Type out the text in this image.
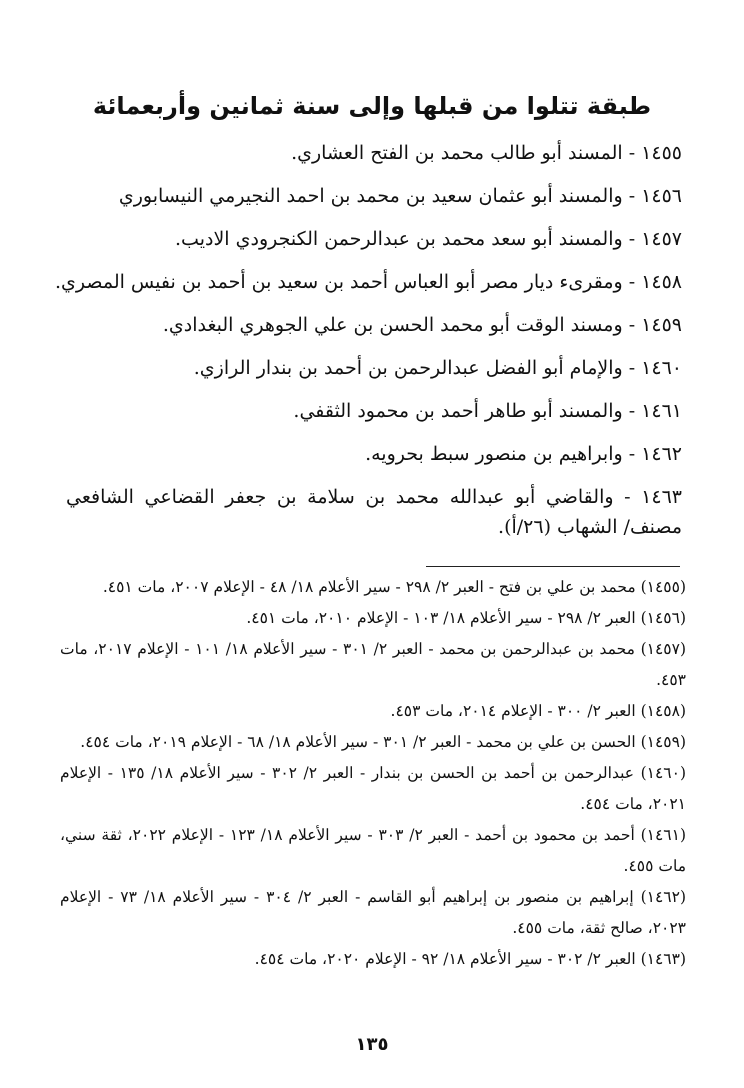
طبقة تتلوا من قبلها وإلى سنة ثمانين وأربعمائة
١٤٥٥ - المسند أبو طالب محمد بن الفتح العشاري.
١٤٥٦ - والمسند أبو عثمان سعيد بن محمد بن احمد النجيرمي النيسابوري
١٤٥٧ - والمسند أبو سعد محمد بن عبدالرحمن الكنجرودي الاديب.
١٤٥٨ - ومقرىء ديار مصر أبو العباس أحمد بن سعيد بن أحمد بن نفيس المصري.
١٤٥٩ - ومسند الوقت أبو محمد الحسن بن علي الجوهري البغدادي.
١٤٦٠ - والإمام أبو الفضل عبدالرحمن بن أحمد بن بندار الرازي.
١٤٦١ - والمسند أبو طاهر أحمد بن محمود الثقفي.
١٤٦٢ - وابراهيم بن منصور سبط بحرويه.
١٤٦٣ - والقاضي أبو عبدالله محمد بن سلامة بن جعفر القضاعي الشافعي مصنف/ الشهاب (٢٦/أ).
(١٤٥٥) محمد بن علي بن فتح - العبر ٢/ ٢٩٨ - سير الأعلام ١٨/ ٤٨ - الإعلام ٢٠٠٧، مات ٤٥١.
(١٤٥٦) العبر ٢/ ٢٩٨ - سير الأعلام ١٨/ ١٠٣ - الإعلام ٢٠١٠، مات ٤٥١.
(١٤٥٧) محمد بن عبدالرحمن بن محمد - العبر ٢/ ٣٠١ - سير الأعلام ١٨/ ١٠١ - الإعلام ٢٠١٧، مات ٤٥٣.
(١٤٥٨) العبر ٢/ ٣٠٠ - الإعلام ٢٠١٤، مات ٤٥٣.
(١٤٥٩) الحسن بن علي بن محمد - العبر ٢/ ٣٠١ - سير الأعلام ١٨/ ٦٨ - الإعلام ٢٠١٩، مات ٤٥٤.
(١٤٦٠) عبدالرحمن بن أحمد بن الحسن بن بندار - العبر ٢/ ٣٠٢ - سير الأعلام ١٨/ ١٣٥ - الإعلام ٢٠٢١، مات ٤٥٤.
(١٤٦١) أحمد بن محمود بن أحمد - العبر ٢/ ٣٠٣ - سير الأعلام ١٨/ ١٢٣ - الإعلام ٢٠٢٢، ثقة سني، مات ٤٥٥.
(١٤٦٢) إبراهيم بن منصور بن إبراهيم أبو القاسم - العبر ٢/ ٣٠٤ - سير الأعلام ١٨/ ٧٣ - الإعلام ٢٠٢٣، صالح ثقة، مات ٤٥٥.
(١٤٦٣) العبر ٢/ ٣٠٢ - سير الأعلام ١٨/ ٩٢ - الإعلام ٢٠٢٠، مات ٤٥٤.
١٣٥
